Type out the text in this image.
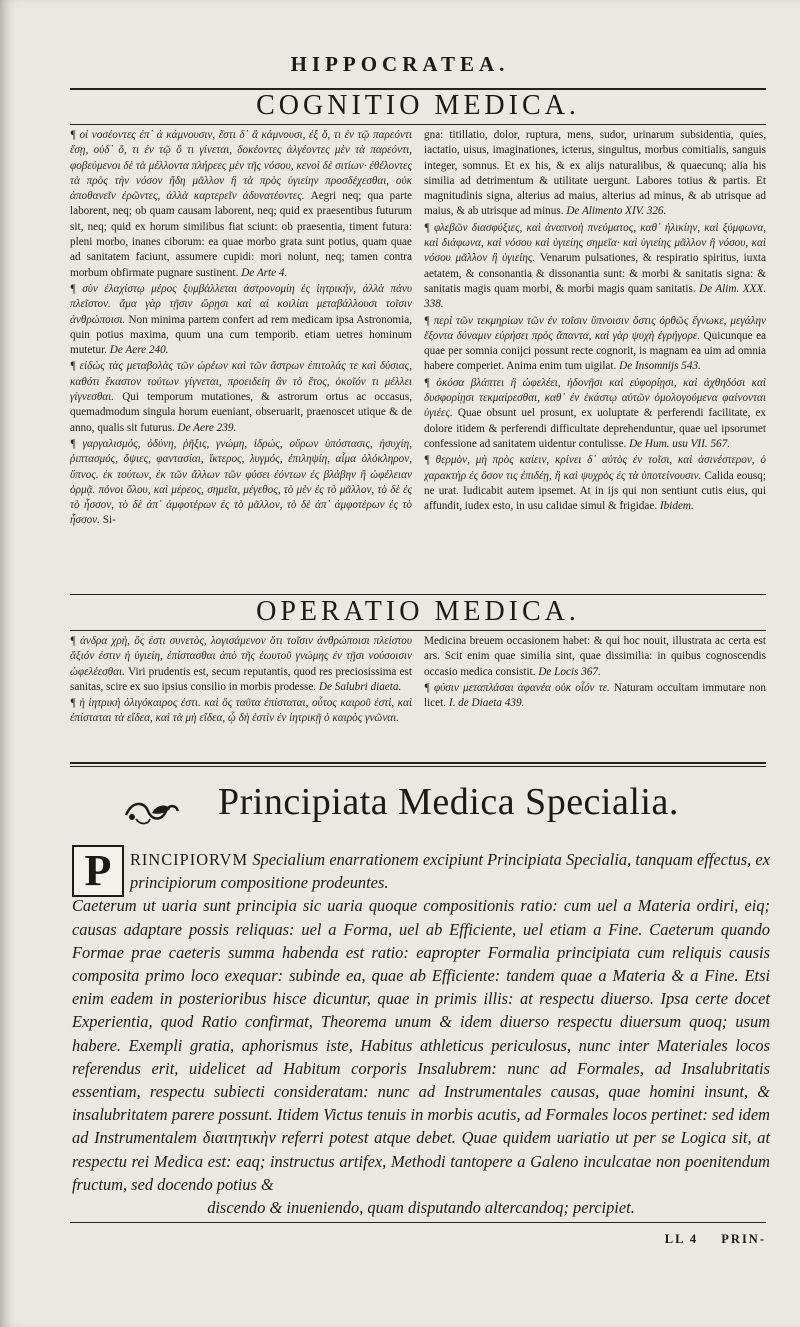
HIPPOCRATEA.
COGNITIO MEDICA.

¶ οἱ νοσέοντες ἐπ᾽ ἀ κάμνουσιν, ἔστι δ᾽ ἃ κάμνουσι, ἐξ ὅ, τι ἐν τῷ παρεόντι ἔσῃ, οὐδ᾽ ὅ, τι ἐν τῷ ὅ τι γίνεται, δοκέοντες ἀλγέοντες μὲν τὰ παρεόντι, φοβεύμενοι δὲ τὰ μέλλοντα πλήρεες μὲν τῆς νόσου, κενοὶ δὲ σιτίων· ἐθέλοντες τὰ πρὸς τὴν νόσον ἤδη μᾶλλον ἢ τὰ πρὸς ὑγιείην προσδέχεσθαι, οὐκ ἀποθανεῖν ἐρῶντες, ἀλλὰ καρτερεῖν ἀδυνατέοντες. Aegri neq; qua parte laborent, neq; ob quam causam laborent, neq; quid ex praesentibus futurum sit, neq; quid ex horum similibus fiat sciunt: ob praesentia, timent futura: pleni morbo, inanes ciborum: ea quae morbo grata sunt potius, quam quae ad sanitatem faciunt, assumere cupidi: mori nolunt, neq; tamen contra morbum obfirmate pugnare sustinent. De Arte 4.

¶ σὺν ἐλαχίστῳ μέρος ξυμβάλλεται ἀστρονομίη ἐς ἰητρικήν, ἀλλὰ πάνυ πλεῖστον. ἅμα γὰρ τῇσιν ὥρῃσι καὶ αἱ κοιλίαι μεταβάλλουσι τοῖσιν ἀνθρώποισι. Non minima partem confert ad rem medicam ipsa Astronomia, quin potius maxima, quum una cum temporib. etiam uetres hominum mutetur. De Aere 240.

¶ εἰδὼς τὰς μεταβολὰς τῶν ὡρέων καὶ τῶν ἄστρων ἐπιτολάς τε καὶ δύσιας, καθότι ἕκαστον τούτων γίγνεται, προειδείη ἂν τὸ ἔτος, ὁκοῖόν τι μέλλει γίγνεσθαι. Qui temporum mutationes, & astrorum ortus ac occasus, quemadmodum singula horum eueniant, obseruarit, praenoscet utique & de anno, qualis sit futurus. De Aere 239.

¶ γαργαλισμός, ὀδύνη, ῥῆξις, γνώμη, ἱδρώς, οὔρων ὑπόστασις, ἡσυχίη, ῥιπτασμός, ὄψιες, φαντασίαι, ἴκτερος, λυγμός, ἐπιληψίη, αἷμα ὁλόκληρον, ὕπνος. ἐκ τούτων, ἐκ τῶν ἄλλων τῶν φύσει ἐόντων ἐς βλάβην ἢ ὠφέλειαν ὁρμᾷ. πόνοι ὅλου, καὶ μέρεος, σημεῖα, μέγεθος, τὸ μὲν ἐς τὸ μᾶλλον, τὸ δὲ ἐς τὸ ἧσσον, τὸ δὲ ἀπ᾽ ἀμφοτέρων ἐς τὸ μᾶλλον, τὸ δὲ ἀπ᾽ ἀμφοτέρων ἐς τὸ ἧσσον. Si-

gna: titillatio, dolor, ruptura, mens, sudor, urinarum subsidentia, quies, iactatio, uisus, imaginationes, icterus, singultus, morbus comitialis, sanguis integer, somnus. Et ex his, & ex alijs naturalibus, & quaecunq; alia his similia ad detrimentum & utilitate uergunt. Labores totius & partis. Et magnitudinis signa, alterius ad maius, alterius ad minus, & ab utrisque ad maius, & ab utrisque ad minus. De Alimento XIV. 326.

¶ φλεβῶν διασφύξιες, καὶ ἀναπνοὴ πνεύματος, καθ᾽ ἡλικίην, καὶ ξύμφωνα, καὶ διάφωνα, καὶ νόσου καὶ ὑγιείης σημεῖα· καὶ ὑγιείης μᾶλλον ἢ νόσου, καὶ νόσου μᾶλλον ἢ ὑγιείης. Venarum pulsationes, & respiratio spiritus, iuxta aetatem, & consonantia & dissonantia sunt: & morbi & sanitatis signa: & sanitatis magis quam morbi, & morbi magis quam sanitatis. De Alim. XXX. 338.

¶ περὶ τῶν τεκμηρίων τῶν ἐν τοῖσιν ὕπνοισιν ὅστις ὀρθῶς ἔγνωκε, μεγάλην ἕξοντα δύναμιν εὑρήσει πρὸς ἅπαντα, καὶ γὰρ ψυχὴ ἐγρήγορε. Quicunque ea quae per somnia conijci possunt recte cognorit, is magnam ea uim ad omnia habere comperiet. Anima enim tum uigilat. De Insomnijs 543.

¶ ὁκόσα βλάπτει ἢ ὠφελέει, ἡδονῇσι καὶ εὐφορίῃσι, καὶ ἀχθηδόσι καὶ δυσφορίῃσι τεκμαίρεσθαι, καθ᾽ ἐν ἑκάστῳ αὐτῶν ὁμολογούμενα φαίνονται ὑγιέες. Quae obsunt uel prosunt, ex uoluptate & perferendi facilitate, ex dolore itidem & perferendi difficultate deprehenduntur, quae uel ipsorumet confessione ad sanitatem uidentur contulisse. De Hum. usu VII. 567.

¶ θερμὸν, μὴ πρὸς καίειν, κρίνει δ᾽ αὐτὸς ἐν τοῖσι, καὶ ἀσινέστερον, ὁ χαρακτὴρ ἐς ὅσον τις ἐπιδέῃ, ἢ καὶ ψυχρὸς ἐς τὰ ὑποτείνουσιν. Calida eousq; ne urat. Iudicabit autem ipsemet. At in ijs qui non sentiunt cutis eius, qui affundit, iudex esto, in usu calidae simul & frigidae. Ibidem.

OPERATIO MEDICA.

¶ ἀνδρα χρὴ, ὅς ἐστι συνετὸς, λογισάμενον ὅτι τοῖσιν ἀνθρώποισι πλείστου ἄξιόν ἐστιν ἡ ὑγιείη, ἐπίστασθαι ἀπὸ τῆς ἑωυτοῦ γνώμης ἐν τῇσι νούσοισιν ὠφελέεσθαι. Viri prudentis est, secum reputantis, quod res preciosissima est sanitas, scire ex suo ipsius consilio in morbis prodesse. De Salubri diaeta.

¶ ἡ ἰητρικὴ ὀλιγόκαιρος ἐστι. καὶ ὅς ταῦτα ἐπίσταται, οὗτος καιροῦ ἐστὶ, καὶ ἐπίσταται τὰ εἴδεα, καὶ τὰ μὴ εἴδεα, ᾧ δὴ ἐστὶν ἐν ἰητρικῇ ὁ καιρὸς γνῶναι.

Medicina breuem occasionem habet: & qui hoc nouit, illustrata ac certa est ars. Scit enim quae similia sint, quae dissimilia: in quibus cognoscendis occasio medica consistit. De Locis 367.

¶ φύσιν μεταπλάσαι ἀφανέα οὐκ οἷόν τε. Naturam occultam immutare non licet. I. de Diaeta 439.

Principiata Medica Specialia.
P	RINCIPIORVM Specialium enarrationem excipiunt Principiata Specialia, tanquam effectus, ex principiorum compositione prodeuntes.
Caeterum ut uaria sunt principia sic uaria quoque compositionis ratio: cum uel a Materia ordiri, eiq; causas adaptare possis reliquas: uel a Forma, uel ab Efficiente, uel etiam a Fine. Caeterum quando Formae prae caeteris summa habenda est ratio: eapropter Formalia principiata cum reliquis causis composita primo loco exequar: subinde ea, quae ab Efficiente: tandem quae a Materia & a Fine. Etsi enim eadem in posterioribus hisce dicuntur, quae in primis illis: at respectu diuerso. Ipsa certe docet Experientia, quod Ratio confirmat, Theorema unum & idem diuerso respectu diuersum quoq; usum habere. Exempli gratia, aphorismus iste, Habitus athleticus periculosus, nunc inter Materiales locos referendus erit, uidelicet ad Habitum corporis Insalubrem: nunc ad Formales, ad Insalubritatis essentiam, respectu subiecti consideratam: nunc ad Instrumentales causas, quae homini insunt, & insalubritatem parere possunt. Itidem Victus tenuis in morbis acutis, ad Formales locos pertinet: sed idem ad Instrumentalem διαιτητικὴν referri potest atque debet. Quae quidem uariatio ut per se Logica sit, at respectu rei Medica est: eaq; instructus artifex, Methodi tantopere a Galeno inculcatae non poenitendum fructum, sed docendo potius &
discendo & inueniendo, quam disputando altercandoq; percipiet.
LL 4 PRIN-
